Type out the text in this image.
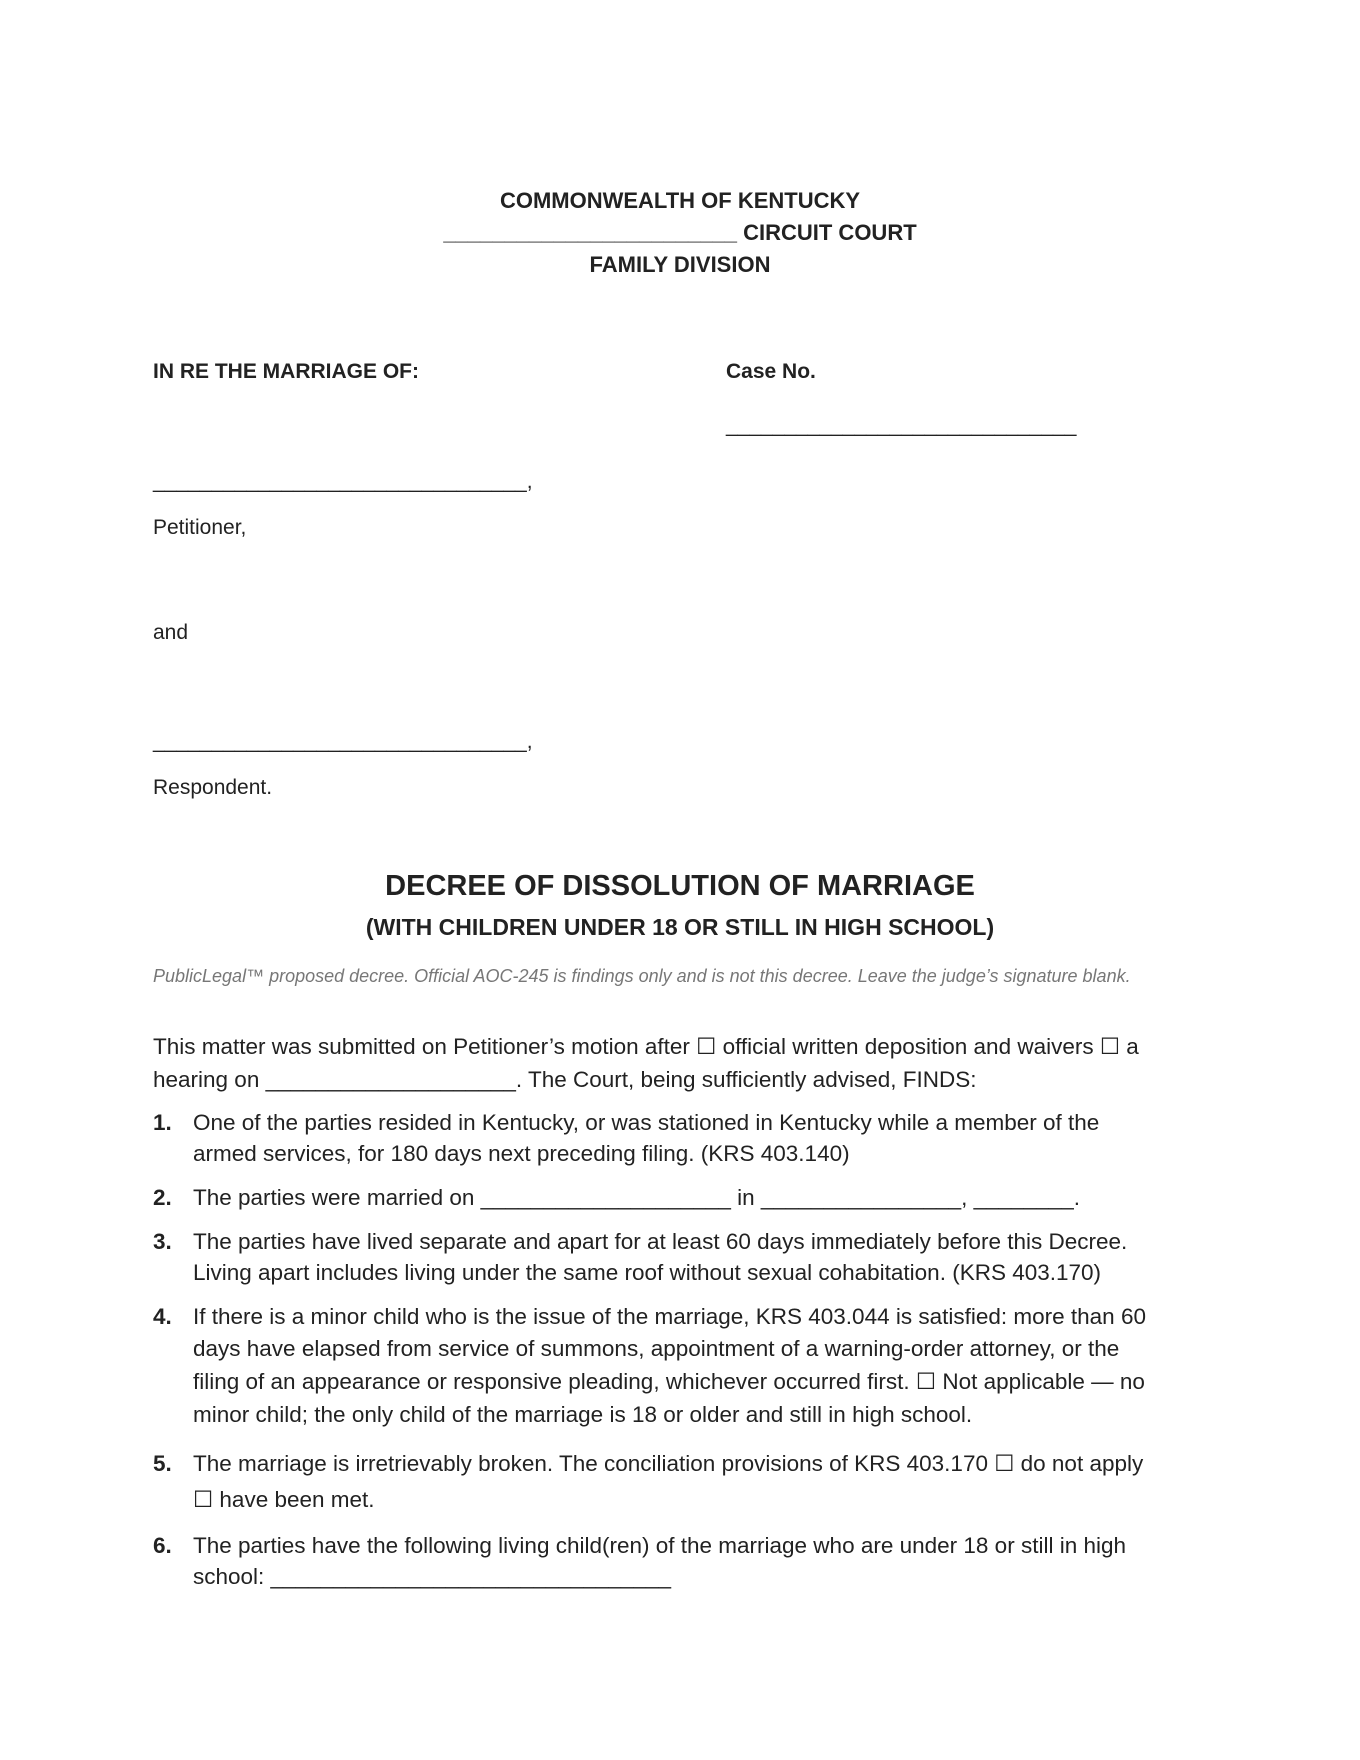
COMMONWEALTH OF KENTUCKY
________________________ CIRCUIT COURT
FAMILY DIVISION
IN RE THE MARRIAGE OF:	Case No.
______________________________
________________________________,
Petitioner,
and
________________________________,
Respondent.
DECREE OF DISSOLUTION OF MARRIAGE
(WITH CHILDREN UNDER 18 OR STILL IN HIGH SCHOOL)
PublicLegal™ proposed decree. Official AOC-245 is findings only and is not this decree. Leave the judge’s signature blank.
This matter was submitted on Petitioner’s motion after ☐ official written deposition and waivers ☐ a
hearing on ____________________. The Court, being sufficiently advised, FINDS:
1. One of the parties resided in Kentucky, or was stationed in Kentucky while a member of the
armed services, for 180 days next preceding filing. (KRS 403.140)
2. The parties were married on ____________________ in ________________, ________.
3. The parties have lived separate and apart for at least 60 days immediately before this Decree.
Living apart includes living under the same roof without sexual cohabitation. (KRS 403.170)
4. If there is a minor child who is the issue of the marriage, KRS 403.044 is satisfied: more than 60
days have elapsed from service of summons, appointment of a warning-order attorney, or the
filing of an appearance or responsive pleading, whichever occurred first. ☐ Not applicable — no
minor child; the only child of the marriage is 18 or older and still in high school.
5. The marriage is irretrievably broken. The conciliation provisions of KRS 403.170 ☐ do not apply
☐ have been met.
6. The parties have the following living child(ren) of the marriage who are under 18 or still in high
school: ________________________________
